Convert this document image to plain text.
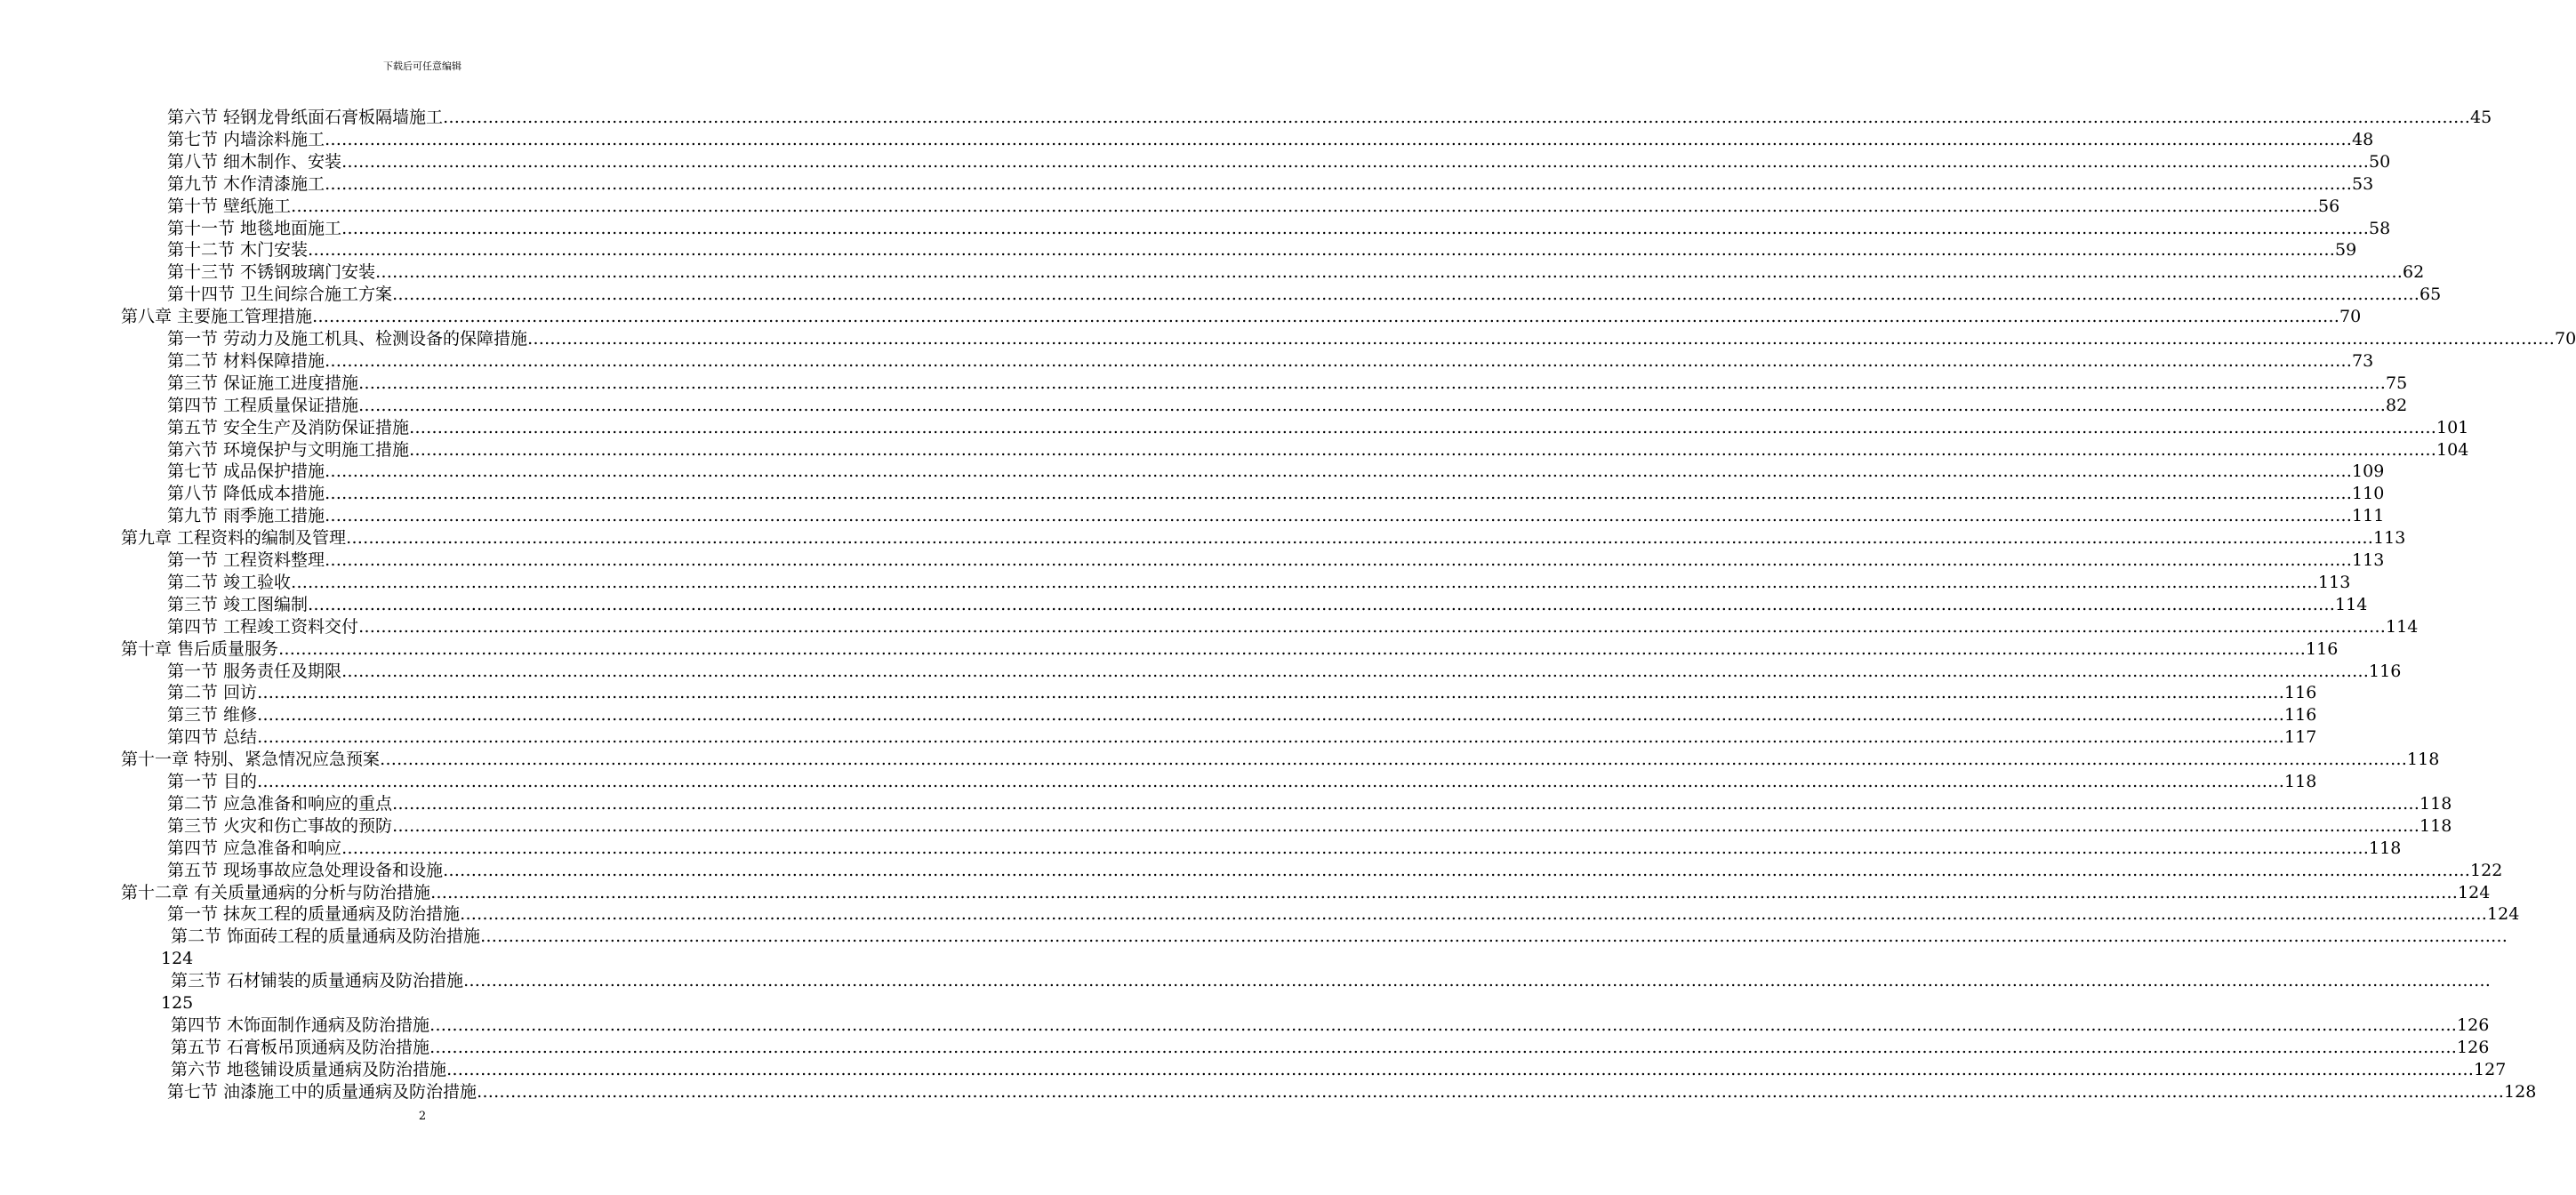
下载后可任意编辑
第六节 轻钢龙骨纸面石膏板隔墙施工 ……………………………………………………………………………………………………………………………………………………………………………………………………………………………………………………………………………………………………………………………… 45
第七节 内墙涂料施工 ……………………………………………………………………………………………………………………………………………………………………………………………………………………………………………………………………………………………………………………………… 48
第八节 细木制作、安装 ……………………………………………………………………………………………………………………………………………………………………………………………………………………………………………………………………………………………………………………………… 50
第九节 木作清漆施工 ……………………………………………………………………………………………………………………………………………………………………………………………………………………………………………………………………………………………………………………………… 53
第十节 壁纸施工 ……………………………………………………………………………………………………………………………………………………………………………………………………………………………………………………………………………………………………………………………… 56
第十一节 地毯地面施工 ……………………………………………………………………………………………………………………………………………………………………………………………………………………………………………………………………………………………………………………………… 58
第十二节 木门安装 ……………………………………………………………………………………………………………………………………………………………………………………………………………………………………………………………………………………………………………………………… 59
第十三节 不锈钢玻璃门安装 ……………………………………………………………………………………………………………………………………………………………………………………………………………………………………………………………………………………………………………………………… 62
第十四节 卫生间综合施工方案 ……………………………………………………………………………………………………………………………………………………………………………………………………………………………………………………………………………………………………………………………… 65
第八章 主要施工管理措施 ……………………………………………………………………………………………………………………………………………………………………………………………………………………………………………………………………………………………………………………………… 70
第一节 劳动力及施工机具、检测设备的保障措施 ……………………………………………………………………………………………………………………………………………………………………………………………………………………………………………………………………………………………………………………………… 70
第二节 材料保障措施 ……………………………………………………………………………………………………………………………………………………………………………………………………………………………………………………………………………………………………………………………… 73
第三节 保证施工进度措施 ……………………………………………………………………………………………………………………………………………………………………………………………………………………………………………………………………………………………………………………………… 75
第四节 工程质量保证措施 ……………………………………………………………………………………………………………………………………………………………………………………………………………………………………………………………………………………………………………………………… 82
第五节 安全生产及消防保证措施 ……………………………………………………………………………………………………………………………………………………………………………………………………………………………………………………………………………………………………………………………… 101
第六节 环境保护与文明施工措施 ……………………………………………………………………………………………………………………………………………………………………………………………………………………………………………………………………………………………………………………………… 104
第七节 成品保护措施 ……………………………………………………………………………………………………………………………………………………………………………………………………………………………………………………………………………………………………………………………… 109
第八节 降低成本措施 ……………………………………………………………………………………………………………………………………………………………………………………………………………………………………………………………………………………………………………………………… 110
第九节 雨季施工措施 ……………………………………………………………………………………………………………………………………………………………………………………………………………………………………………………………………………………………………………………………… 111
第九章 工程资料的编制及管理 ……………………………………………………………………………………………………………………………………………………………………………………………………………………………………………………………………………………………………………………………… 113
第一节 工程资料整理 ……………………………………………………………………………………………………………………………………………………………………………………………………………………………………………………………………………………………………………………………… 113
第二节 竣工验收 ……………………………………………………………………………………………………………………………………………………………………………………………………………………………………………………………………………………………………………………………… 113
第三节 竣工图编制 ……………………………………………………………………………………………………………………………………………………………………………………………………………………………………………………………………………………………………………………………… 114
第四节 工程竣工资料交付 ……………………………………………………………………………………………………………………………………………………………………………………………………………………………………………………………………………………………………………………………… 114
第十章 售后质量服务 ……………………………………………………………………………………………………………………………………………………………………………………………………………………………………………………………………………………………………………………………… 116
第一节 服务责任及期限 ……………………………………………………………………………………………………………………………………………………………………………………………………………………………………………………………………………………………………………………………… 116
第二节 回访 ……………………………………………………………………………………………………………………………………………………………………………………………………………………………………………………………………………………………………………………………… 116
第三节 维修 ……………………………………………………………………………………………………………………………………………………………………………………………………………………………………………………………………………………………………………………………… 116
第四节 总结 ……………………………………………………………………………………………………………………………………………………………………………………………………………………………………………………………………………………………………………………………… 117
第十一章 特别、紧急情况应急预案 ……………………………………………………………………………………………………………………………………………………………………………………………………………………………………………………………………………………………………………………………… 118
第一节 目的 ……………………………………………………………………………………………………………………………………………………………………………………………………………………………………………………………………………………………………………………………… 118
第二节 应急准备和响应的重点 ……………………………………………………………………………………………………………………………………………………………………………………………………………………………………………………………………………………………………………………………… 118
第三节 火灾和伤亡事故的预防 ……………………………………………………………………………………………………………………………………………………………………………………………………………………………………………………………………………………………………………………………… 118
第四节 应急准备和响应 ……………………………………………………………………………………………………………………………………………………………………………………………………………………………………………………………………………………………………………………………… 118
第五节 现场事故应急处理设备和设施 ……………………………………………………………………………………………………………………………………………………………………………………………………………………………………………………………………………………………………………………………… 122
第十二章 有关质量通病的分析与防治措施 ……………………………………………………………………………………………………………………………………………………………………………………………………………………………………………………………………………………………………………………………… 124
第一节 抹灰工程的质量通病及防治措施 ……………………………………………………………………………………………………………………………………………………………………………………………………………………………………………………………………………………………………………………………… 124
第二节 饰面砖工程的质量通病及防治措施 ………………………………………………………………………………………………………………………………………………………………………………………………………………………………………………………………………………………………………………………………
124
第三节 石材铺装的质量通病及防治措施 ………………………………………………………………………………………………………………………………………………………………………………………………………………………………………………………………………………………………………………………………
125
第四节 木饰面制作通病及防治措施 ……………………………………………………………………………………………………………………………………………………………………………………………………………………………………………………………………………………………………………………………… 126
第五节 石膏板吊顶通病及防治措施 ……………………………………………………………………………………………………………………………………………………………………………………………………………………………………………………………………………………………………………………………… 126
第六节 地毯铺设质量通病及防治措施 ……………………………………………………………………………………………………………………………………………………………………………………………………………………………………………………………………………………………………………………………… 127
第七节 油漆施工中的质量通病及防治措施 ……………………………………………………………………………………………………………………………………………………………………………………………………………………………………………………………………………………………………………………………… 128
2
